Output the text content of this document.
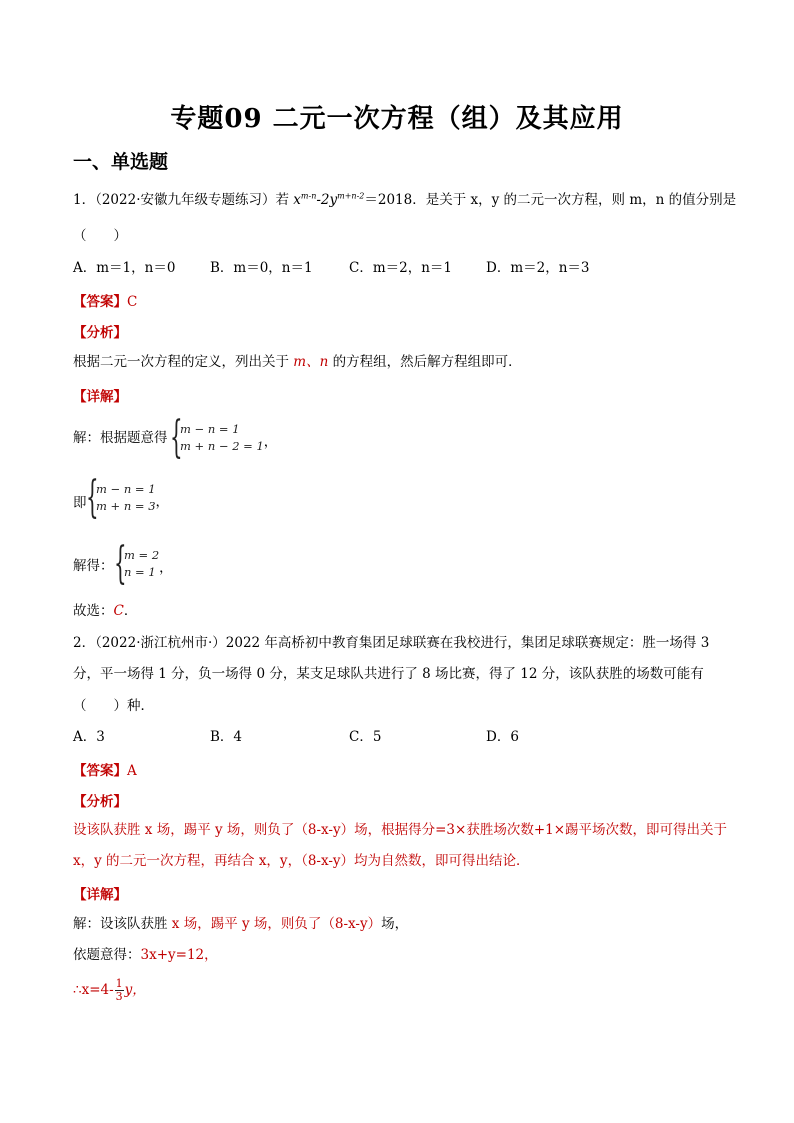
专题09 二元一次方程（组）及其应用
一、单选题
1．（2022·安徽九年级专题练习）若 $x^{m-n}-2y^{m+n-2}=2018$．是关于 x，y 的二元一次方程，则 m，n 的值分别是
（　　）
A．m＝1，n＝0	B．m＝0，n＝1	C．m＝2，n＝1	D．m＝2，n＝3
【答案】C
【分析】
根据二元一次方程的定义，列出关于 m、n 的方程组，然后解方程组即可．
【详解】
解：根据题意得 {
m − n = 1
m + n − 2 = 1 ，
即 {
m − n = 1
m + n = 3 ，
解得： {
m = 2
n = 1 ，
故选：C．
2．（2022·浙江杭州市·）2022 年高桥初中教育集团足球联赛在我校进行，集团足球联赛规定：胜一场得 3
分，平一场得 1 分，负一场得 0 分，某支足球队共进行了 8 场比赛，得了 12 分，该队获胜的场数可能有
（　　）种．
A．3	B．4	C．5	D．6
【答案】A
【分析】
设该队获胜 x 场，踢平 y 场，则负了（8-x-y）场，根据得分=3×获胜场次数+1×踢平场次数，即可得出关于
x，y 的二元一次方程，再结合 x，y，（8-x-y）均为自然数，即可得出结论．
【详解】
解：设该队获胜 x 场，踢平 y 场，则负了（8-x-y）场，
依题意得：3x+y=12，
∴x=4- $\frac{1}{3}$ y，
